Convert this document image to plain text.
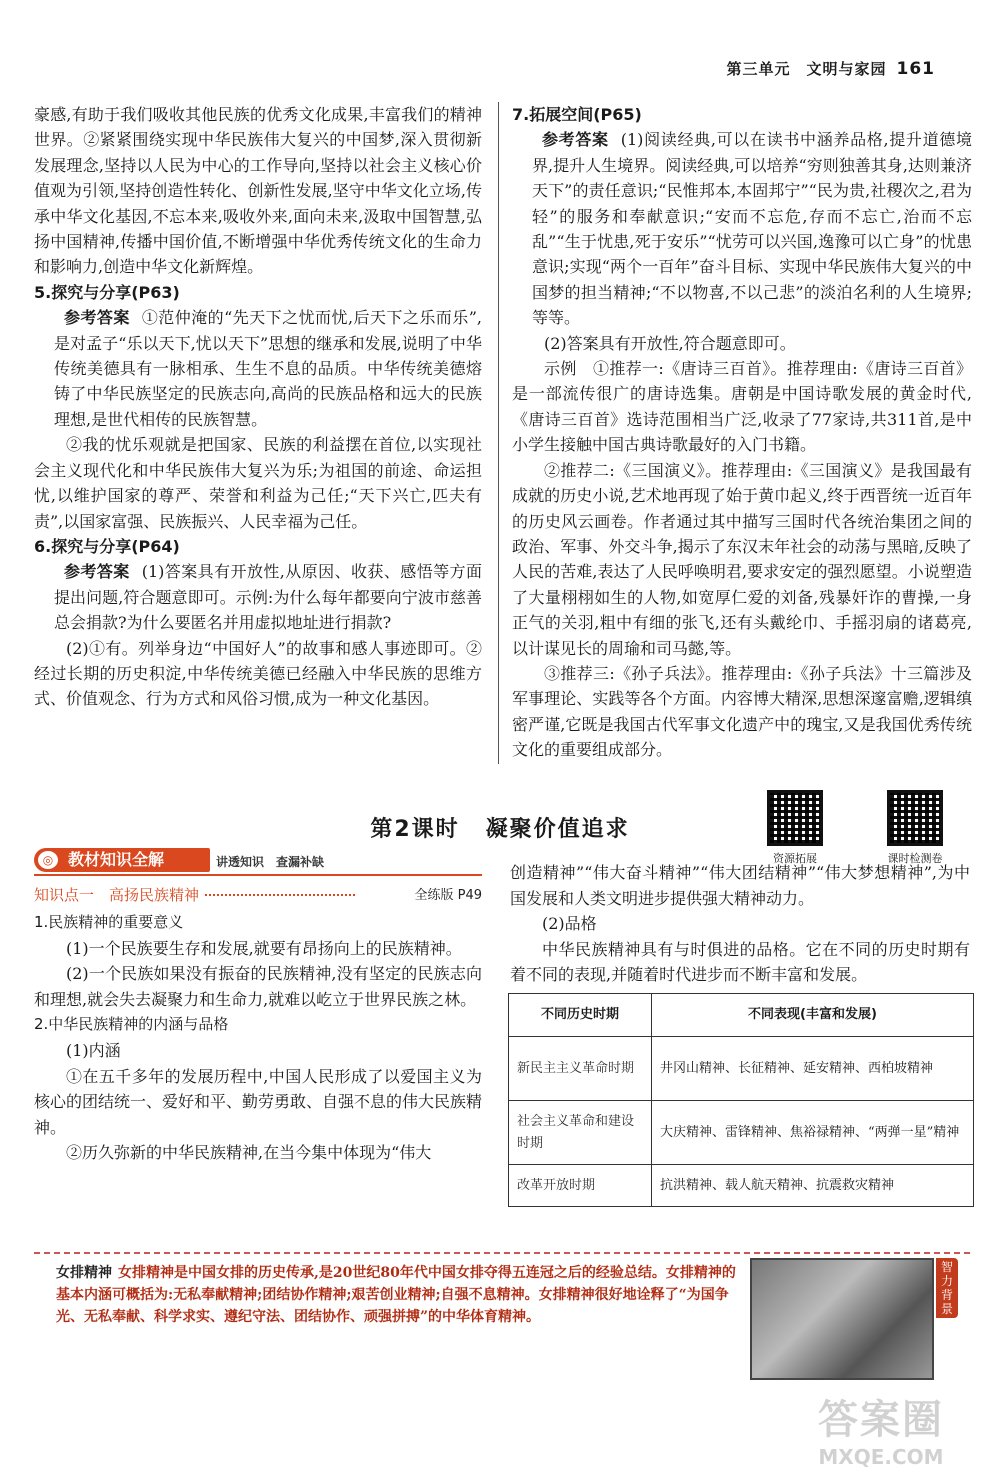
第三单元　文明与家园 161

豪感,有助于我们吸收其他民族的优秀文化成果,丰富我们的精神世界。②紧紧围绕实现中华民族伟大复兴的中国梦,深入贯彻新发展理念,坚持以人民为中心的工作导向,坚持以社会主义核心价值观为引领,坚持创造性转化、创新性发展,坚守中华文化立场,传承中华文化基因,不忘本来,吸收外来,面向未来,汲取中国智慧,弘扬中国精神,传播中国价值,不断增强中华优秀传统文化的生命力和影响力,创造中华文化新辉煌。

5.探究与分享(P63)

参考答案 ①范仲淹的“先天下之忧而忧,后天下之乐而乐”,是对孟子“乐以天下,忧以天下”思想的继承和发展,说明了中华传统美德具有一脉相承、生生不息的品质。中华传统美德熔铸了中华民族坚定的民族志向,高尚的民族品格和远大的民族理想,是世代相传的民族智慧。

②我的忧乐观就是把国家、民族的利益摆在首位,以实现社会主义现代化和中华民族伟大复兴为乐;为祖国的前途、命运担忧,以维护国家的尊严、荣誉和利益为己任;“天下兴亡,匹夫有责”,以国家富强、民族振兴、人民幸福为己任。

6.探究与分享(P64)

参考答案 (1)答案具有开放性,从原因、收获、感悟等方面提出问题,符合题意即可。示例:为什么每年都要向宁波市慈善总会捐款?为什么要匿名并用虚拟地址进行捐款?

(2)①有。列举身边“中国好人”的故事和感人事迹即可。②经过长期的历史积淀,中华传统美德已经融入中华民族的思维方式、价值观念、行为方式和风俗习惯,成为一种文化基因。

7.拓展空间(P65)

参考答案 (1)阅读经典,可以在读书中涵养品格,提升道德境界,提升人生境界。阅读经典,可以培养“穷则独善其身,达则兼济天下”的责任意识;“民惟邦本,本固邦宁”“民为贵,社稷次之,君为轻”的服务和奉献意识;“安而不忘危,存而不忘亡,治而不忘乱”“生于忧患,死于安乐”“忧劳可以兴国,逸豫可以亡身”的忧患意识;实现“两个一百年”奋斗目标、实现中华民族伟大复兴的中国梦的担当精神;“不以物喜,不以己悲”的淡泊名利的人生境界;等等。

(2)答案具有开放性,符合题意即可。

示例　①推荐一:《唐诗三百首》。推荐理由:《唐诗三百首》是一部流传很广的唐诗选集。唐朝是中国诗歌发展的黄金时代,《唐诗三百首》选诗范围相当广泛,收录了77家诗,共311首,是中小学生接触中国古典诗歌最好的入门书籍。

②推荐二:《三国演义》。推荐理由:《三国演义》是我国最有成就的历史小说,艺术地再现了始于黄巾起义,终于西晋统一近百年的历史风云画卷。作者通过其中描写三国时代各统治集团之间的政治、军事、外交斗争,揭示了东汉末年社会的动荡与黑暗,反映了人民的苦难,表达了人民呼唤明君,要求安定的强烈愿望。小说塑造了大量栩栩如生的人物,如宽厚仁爱的刘备,残暴奸诈的曹操,一身正气的关羽,粗中有细的张飞,还有头戴纶巾、手摇羽扇的诸葛亮,以计谋见长的周瑜和司马懿,等。

③推荐三:《孙子兵法》。推荐理由:《孙子兵法》十三篇涉及军事理论、实践等各个方面。内容博大精深,思想深邃富赡,逻辑缜密严谨,它既是我国古代军事文化遗产中的瑰宝,又是我国优秀传统文化的重要组成部分。

第2课时 凝聚价值追求
资源拓展	课时检测卷
教材知识全解
◎	讲透知识　查漏补缺
知识点一　高扬民族精神	全练版 P49
1.民族精神的重要意义

(1)一个民族要生存和发展,就要有昂扬向上的民族精神。

(2)一个民族如果没有振奋的民族精神,没有坚定的民族志向和理想,就会失去凝聚力和生命力,就难以屹立于世界民族之林。

2.中华民族精神的内涵与品格

(1)内涵

①在五千多年的发展历程中,中国人民形成了以爱国主义为核心的团结统一、爱好和平、勤劳勇敢、自强不息的伟大民族精神。

②历久弥新的中华民族精神,在当今集中体现为“伟大

创造精神”“伟大奋斗精神”“伟大团结精神”“伟大梦想精神”,为中国发展和人类文明进步提供强大精神动力。

(2)品格

中华民族精神具有与时俱进的品格。它在不同的历史时期有着不同的表现,并随着时代进步而不断丰富和发展。

不同历史时期	不同表现(丰富和发展)
新民主主义革命时期	井冈山精神、长征精神、延安精神、西柏坡精神
社会主义革命和建设时期	大庆精神、雷锋精神、焦裕禄精神、“两弹一星”精神
改革开放时期	抗洪精神、载人航天精神、抗震救灾精神
女排精神 女排精神是中国女排的历史传承,是20世纪80年代中国女排夺得五连冠之后的经验总结。女排精神的基本内涵可概括为:无私奉献精神;团结协作精神;艰苦创业精神;自强不息精神。女排精神很好地诠释了“为国争光、无私奉献、科学求实、遵纪守法、团结协作、顽强拼搏”的中华体育精神。
智力背景
答案圈
MXQE.COM
